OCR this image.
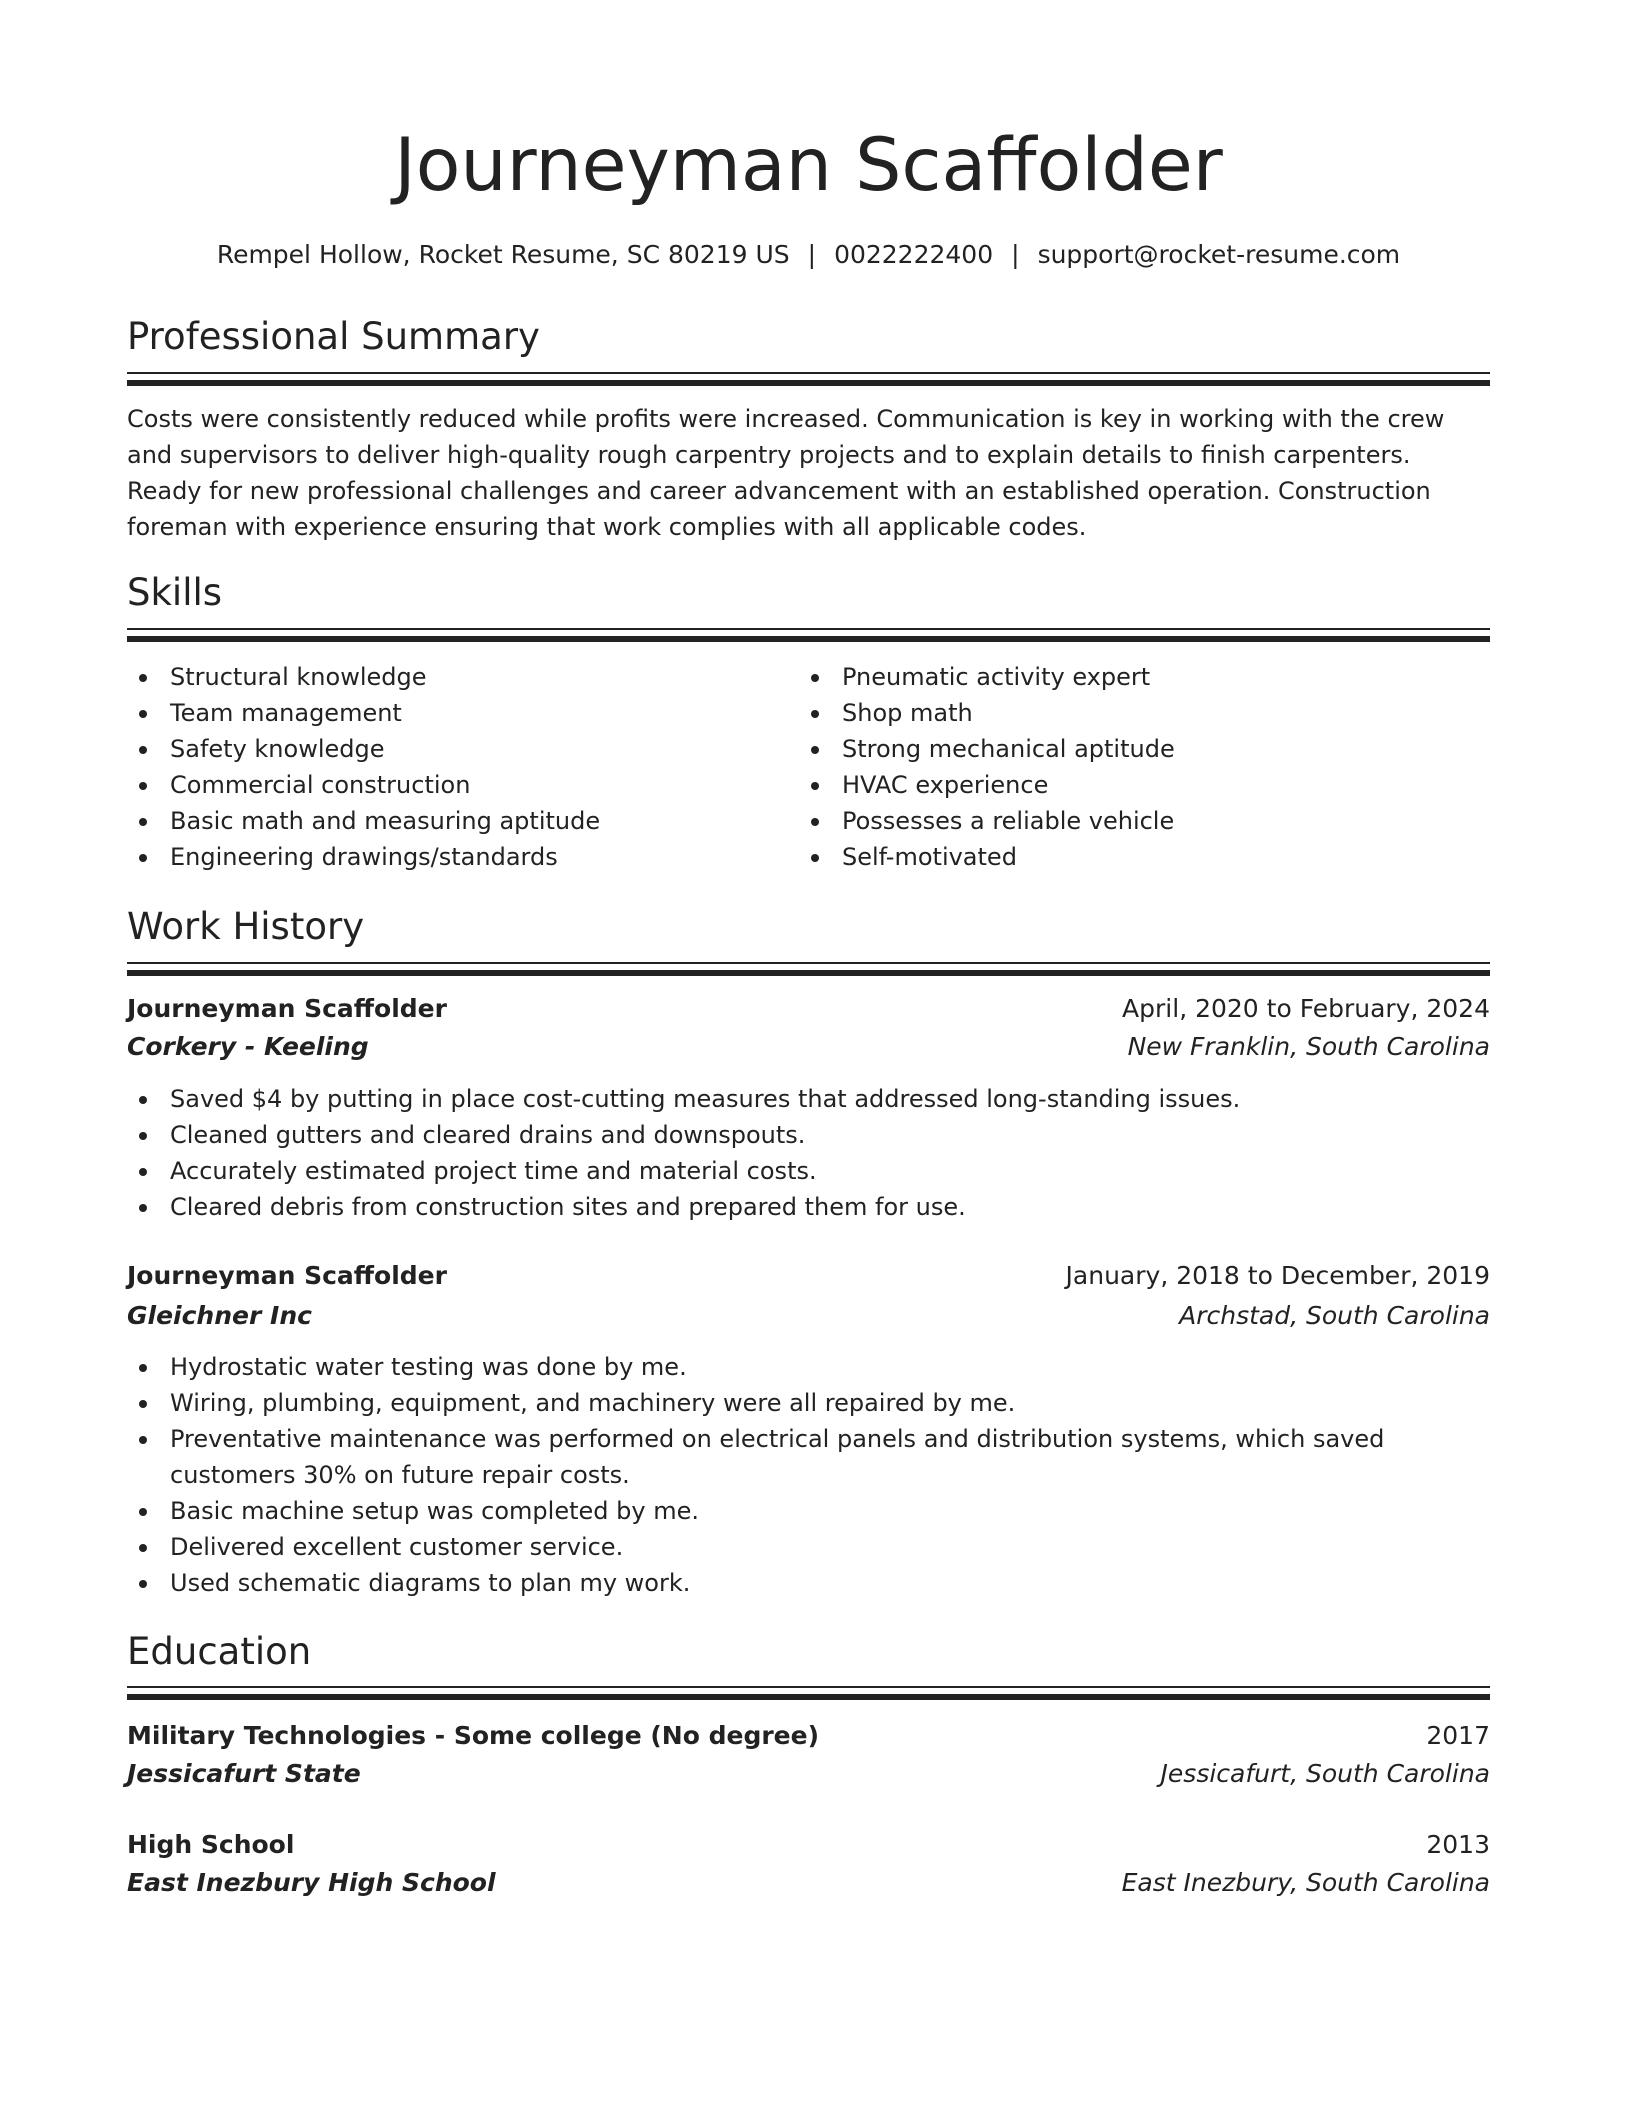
Journeyman Scaffolder
Rempel Hollow, Rocket Resume, SC 80219 US | 0022222400 | support@rocket-resume.com
Professional Summary

Costs were consistently reduced while profits were increased. Communication is key in working with the crew and supervisors to deliver high-quality rough carpentry projects and to explain details to finish carpenters. Ready for new professional challenges and career advancement with an established operation. Construction foreman with experience ensuring that work complies with all applicable codes.

Skills
Structural knowledge
Team management
Safety knowledge
Commercial construction
Basic math and measuring aptitude
Engineering drawings/standards
Pneumatic activity expert
Shop math
Strong mechanical aptitude
HVAC experience
Possesses a reliable vehicle
Self-motivated
Work History
Journeyman Scaffolder	April, 2020 to February, 2024
Corkery - Keeling	New Franklin, South Carolina
Saved $4 by putting in place cost-cutting measures that addressed long-standing issues.
Cleaned gutters and cleared drains and downspouts.
Accurately estimated project time and material costs.
Cleared debris from construction sites and prepared them for use.
Journeyman Scaffolder	January, 2018 to December, 2019
Gleichner Inc	Archstad, South Carolina
Hydrostatic water testing was done by me.
Wiring, plumbing, equipment, and machinery were all repaired by me.
Preventative maintenance was performed on electrical panels and distribution systems, which saved customers 30% on future repair costs.
Basic machine setup was completed by me.
Delivered excellent customer service.
Used schematic diagrams to plan my work.
Education
Military Technologies - Some college (No degree)	2017
Jessicafurt State	Jessicafurt, South Carolina
High School	2013
East Inezbury High School	East Inezbury, South Carolina
